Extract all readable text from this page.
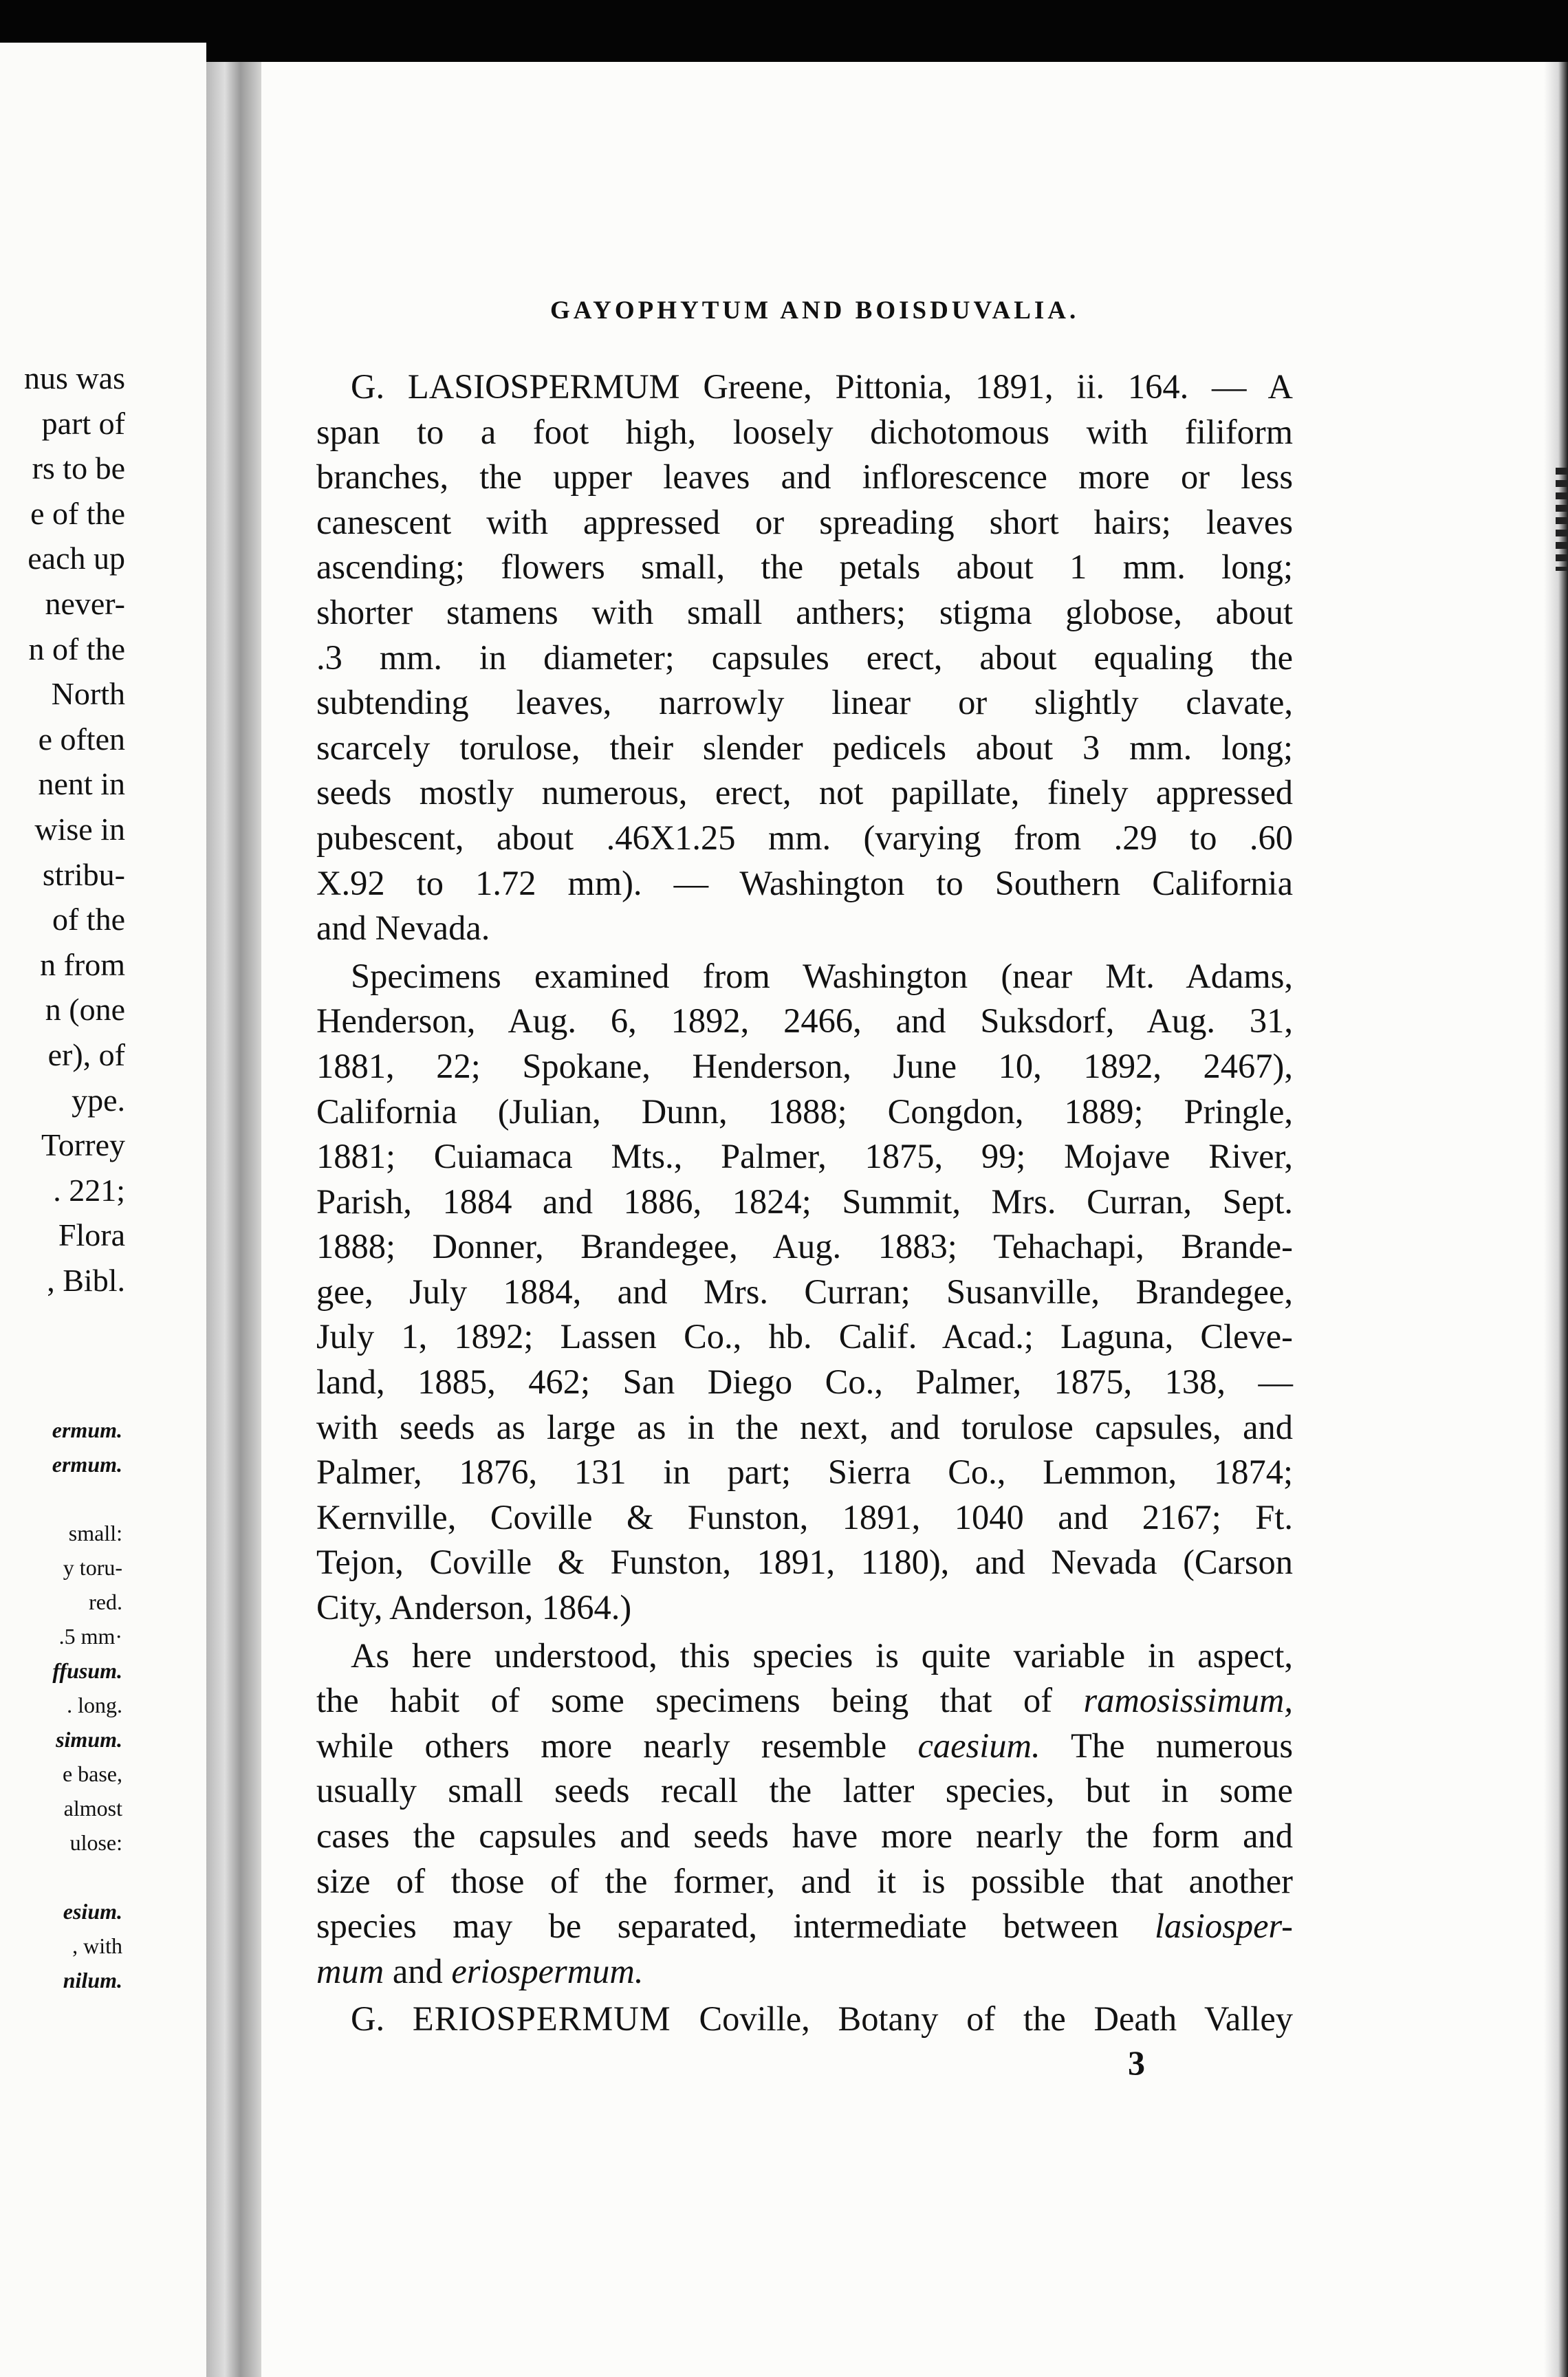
nus was
part of
rs to be
e of the
each up
never-
n of the
North
e often
nent in
wise in
stribu-
of the
n from
n (one
er), of
ype.
Torrey
. 221;
Flora
, Bibl.
ermum.
ermum.
small:
y toru-
red.
.5 mm·
ffusum.
. long.
simum.
e base,
almost
ulose:
esium.
, with
nilum.
GAYOPHYTUM AND BOISDUVALIA.
G. LASIOSPERMUM Greene, Pittonia, 1891, ii. 164. — A
span to a foot high, loosely dichotomous with filiform
branches, the upper leaves and inflorescence more or less
canescent with appressed or spreading short hairs; leaves
ascending; flowers small, the petals about 1 mm. long;
shorter stamens with small anthers; stigma globose, about
.3 mm. in diameter; capsules erect, about equaling the
subtending leaves, narrowly linear or slightly clavate,
scarcely torulose, their slender pedicels about 3 mm. long;
seeds mostly numerous, erect, not papillate, finely appressed
pubescent, about .46X1.25 mm. (varying from .29 to .60
X.92 to 1.72 mm). — Washington to Southern California
and Nevada.
Specimens examined from Washington (near Mt. Adams,
Henderson, Aug. 6, 1892, 2466, and Suksdorf, Aug. 31,
1881, 22; Spokane, Henderson, June 10, 1892, 2467),
California (Julian, Dunn, 1888; Congdon, 1889; Pringle,
1881; Cuiamaca Mts., Palmer, 1875, 99; Mojave River,
Parish, 1884 and 1886, 1824; Summit, Mrs. Curran, Sept.
1888; Donner, Brandegee, Aug. 1883; Tehachapi, Brande-
gee, July 1884, and Mrs. Curran; Susanville, Brandegee,
July 1, 1892; Lassen Co., hb. Calif. Acad.; Laguna, Cleve-
land, 1885, 462; San Diego Co., Palmer, 1875, 138, —
with seeds as large as in the next, and torulose capsules, and
Palmer, 1876, 131 in part; Sierra Co., Lemmon, 1874;
Kernville, Coville & Funston, 1891, 1040 and 2167; Ft.
Tejon, Coville & Funston, 1891, 1180), and Nevada (Carson
City, Anderson, 1864.)
As here understood, this species is quite variable in aspect,
the habit of some specimens being that of ramosissimum,
while others more nearly resemble caesium. The numerous
usually small seeds recall the latter species, but in some
cases the capsules and seeds have more nearly the form and
size of those of the former, and it is possible that another
species may be separated, intermediate between lasiosper-
mum and eriospermum.
G. ERIOSPERMUM Coville, Botany of the Death Valley
3
